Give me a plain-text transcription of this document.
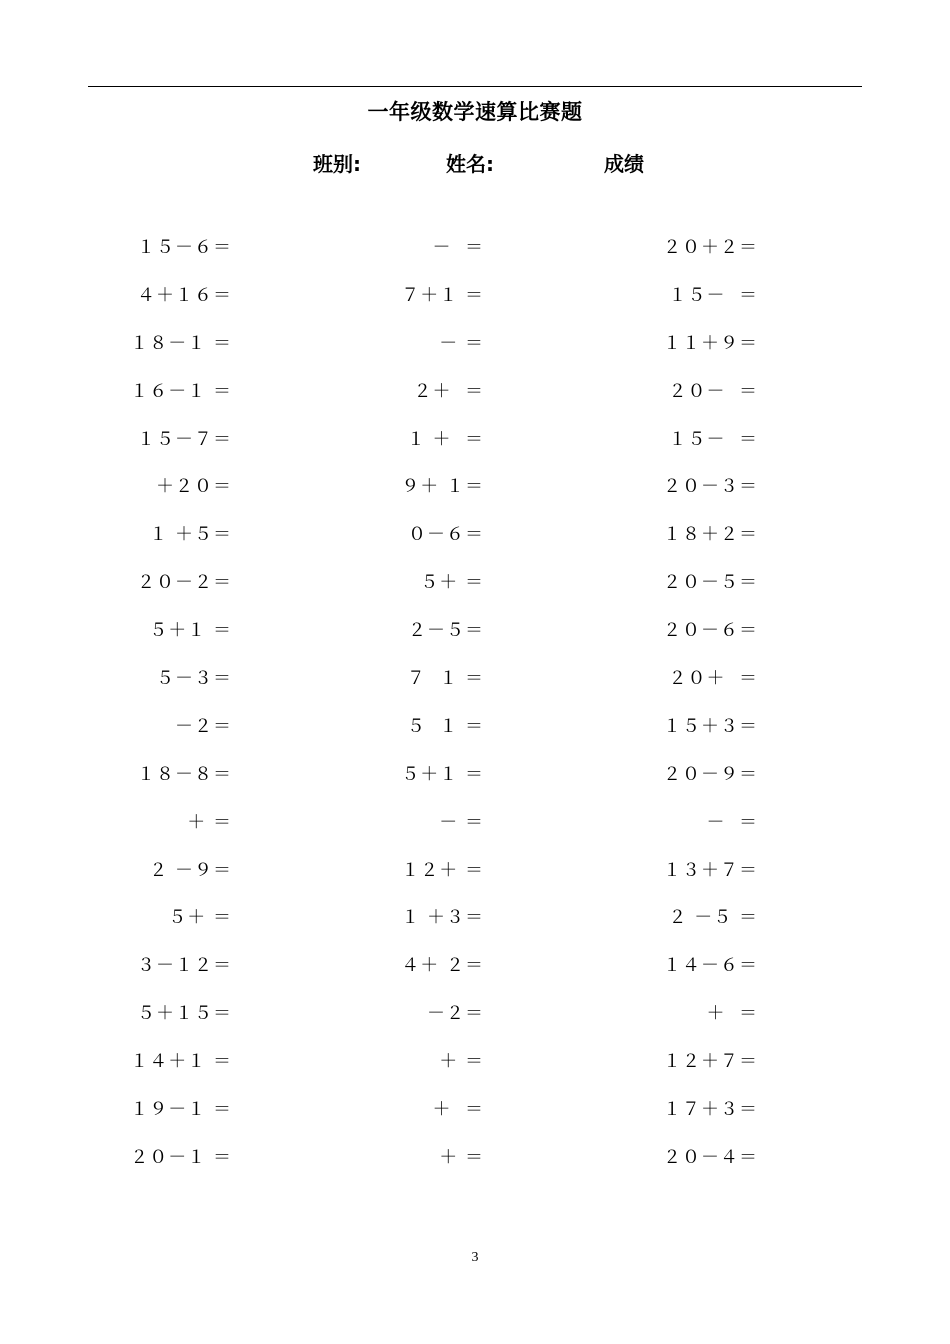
一年级数学速算比赛题
班别:	姓名:	成绩
１５－６＝
４＋１６＝
１８－１ ＝
１６－１ ＝
１５－７＝
＋２０＝
１ ＋５＝
２０－２＝
５＋１ ＝
５－３＝
－２＝
１８－８＝
＋ ＝
２ －９＝
５＋ ＝
３－１２＝
５＋１５＝
１４＋１ ＝
１９－１ ＝
２０－１ ＝
－  ＝
７＋１ ＝
－ ＝
２＋  ＝
１ ＋  ＝
９＋ １＝
０－６＝
５＋ ＝
２－５＝
７  １ ＝
５  １ ＝
５＋１ ＝
－ ＝
１２＋ ＝
１ ＋３＝
４＋ ２＝
－２＝
＋ ＝
＋  ＝
＋ ＝
２０＋２＝
１５－  ＝
１１＋９＝
２０－  ＝
１５－  ＝
２０－３＝
１８＋２＝
２０－５＝
２０－６＝
２０＋  ＝
１５＋３＝
２０－９＝
－  ＝
１３＋７＝
２ －５ ＝
１４－６＝
＋  ＝
１２＋７＝
１７＋３＝
２０－４＝
3
